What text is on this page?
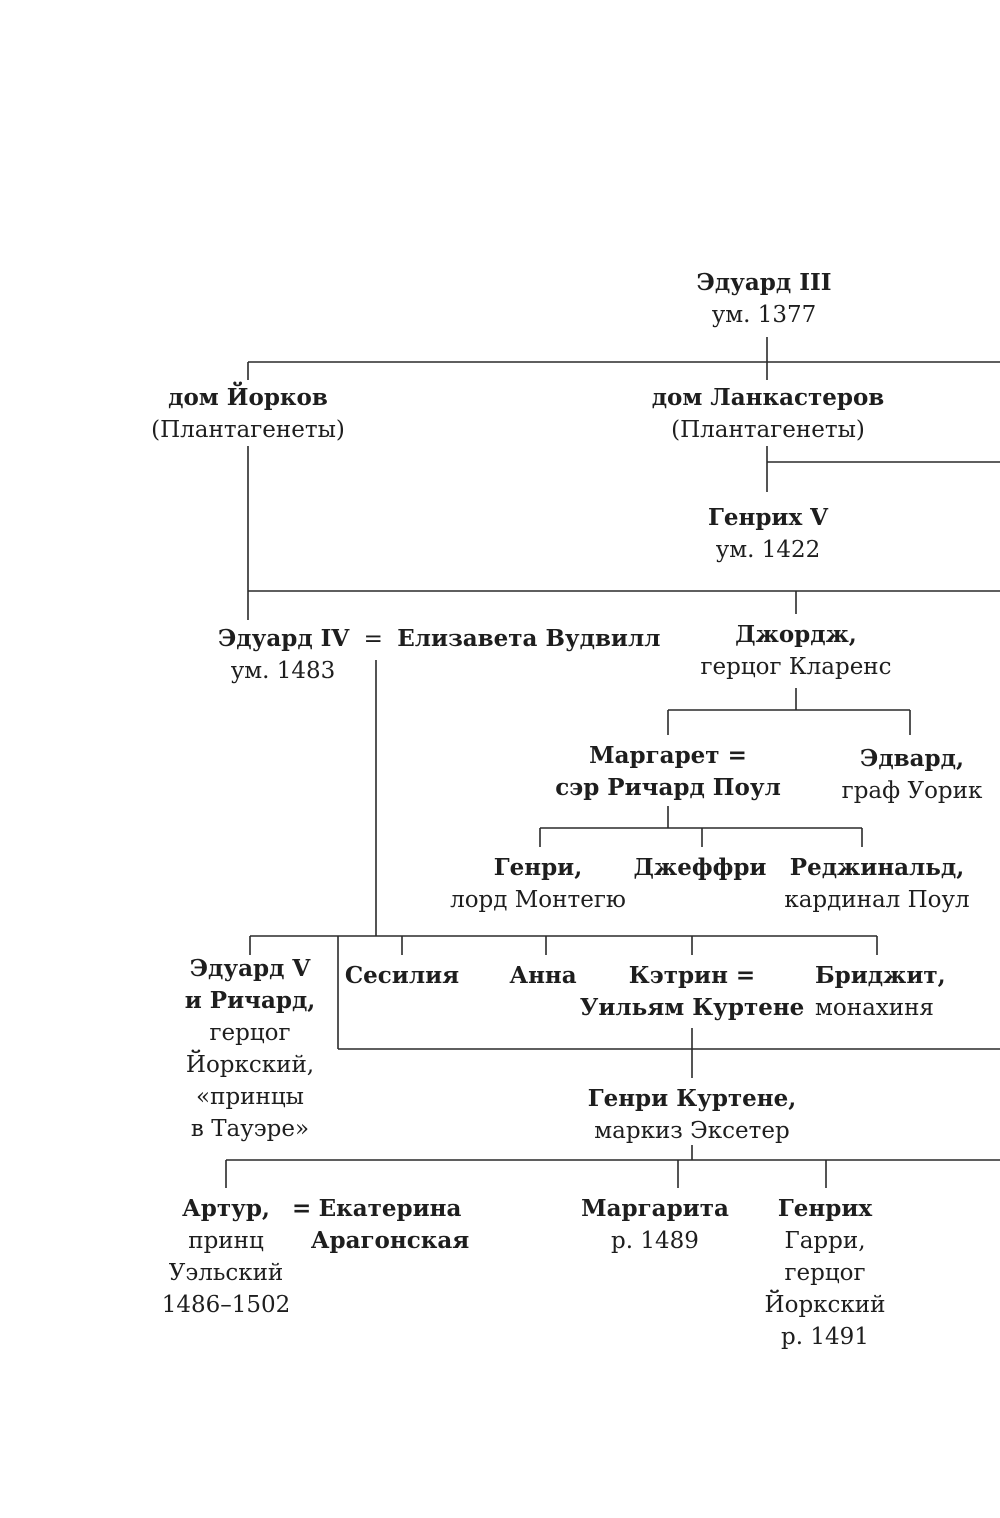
Эдуард III
ум. 1377
дом Йорков
(Плантагенеты)
дом Ланкастеров
(Плантагенеты)
Генрих V
ум. 1422
Эдуард IV = Елизавета Вудвилл
ум. 1483
Джордж,
герцог Кларенс
Маргарет =
сэр Ричард Поул
Эдвард,
граф Уорик
Генри,
лорд Монтегю
Джеффри Реджинальд,
кардинал Поул
Эдуард V
и Ричард,
герцог
Йоркский,
«принцы
в Тауэре»
Сесилия Анна	Кэтрин =
Уильям Куртене
Бриджит,
монахиня
Генри Куртене,
маркиз Экcетер
Артур,
принц
Уэльский
1486–1502
= Екатерина
Арагонская
Маргарита
р. 1489
Генрих
Гарри,
герцог
Йоркский
р. 1491
